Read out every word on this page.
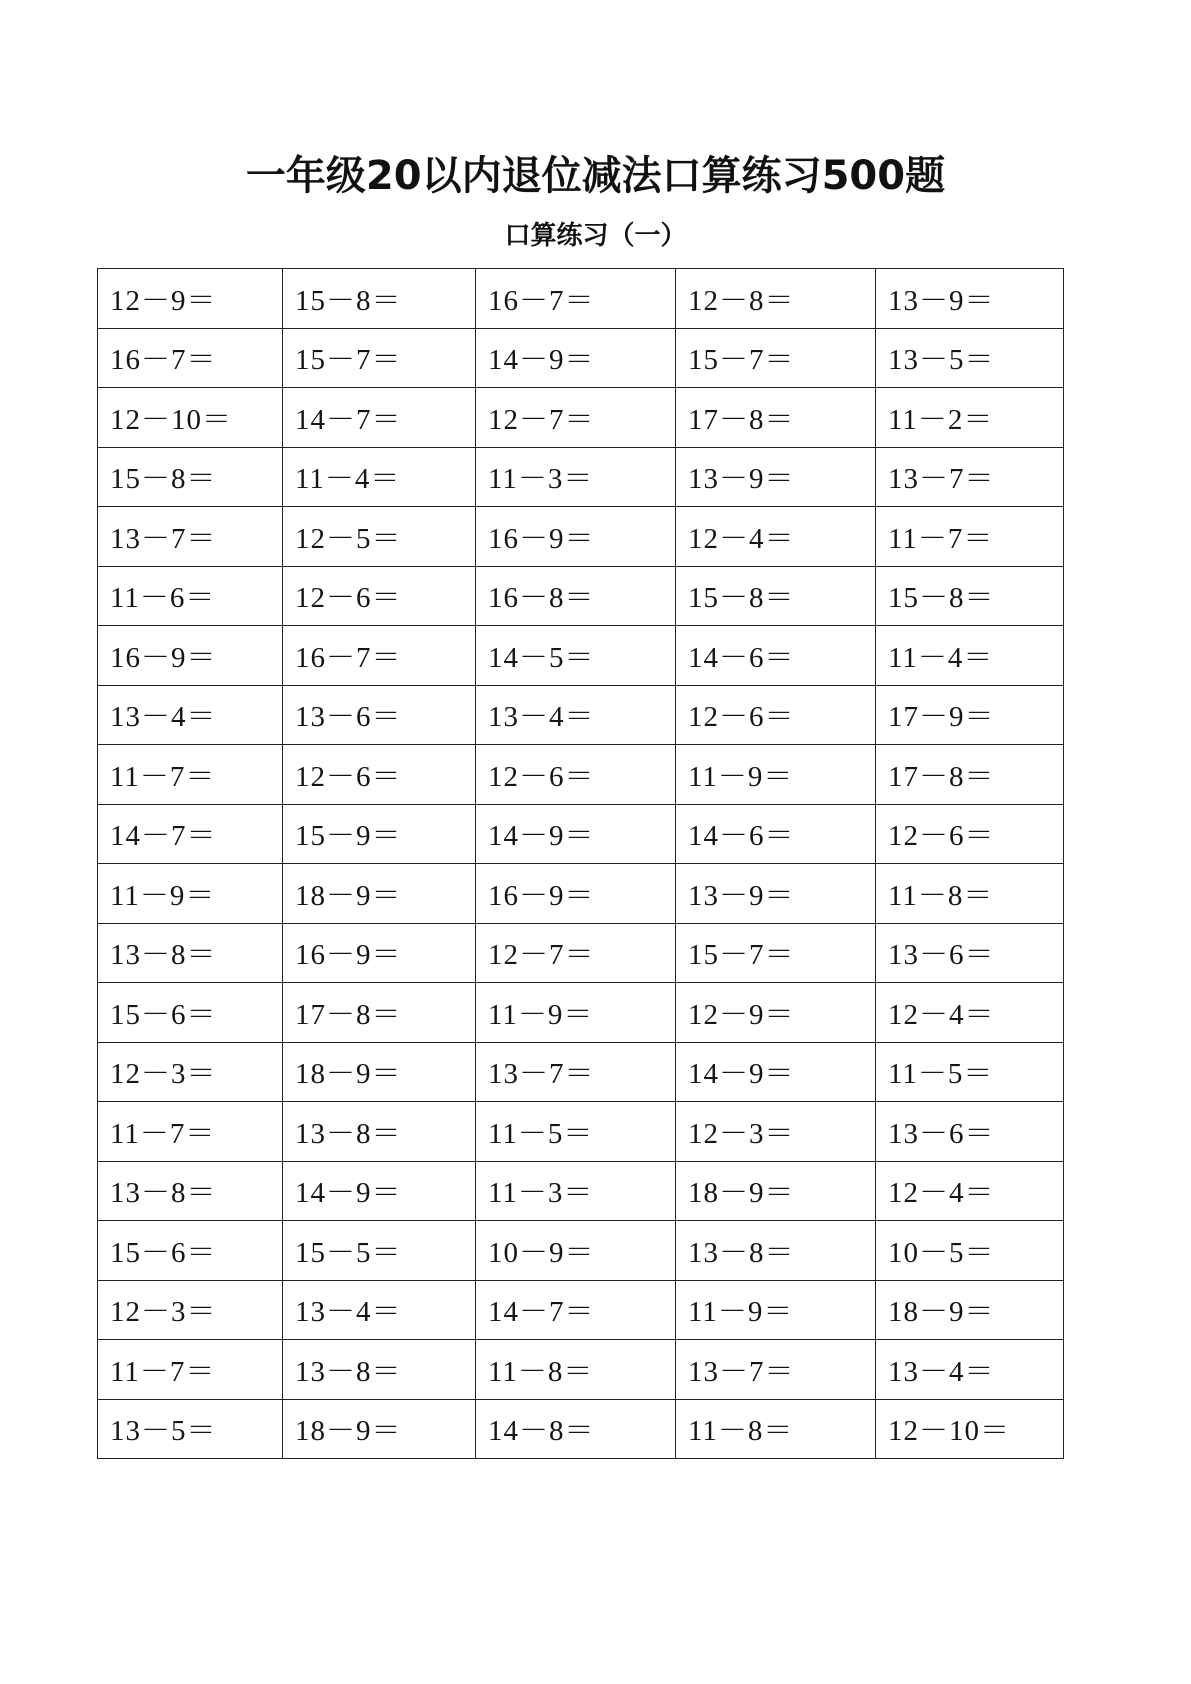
一年级20以内退位减法口算练习500题
口算练习（一）
12－9＝	15－8＝	16－7＝	12－8＝	13－9＝
16－7＝	15－7＝	14－9＝	15－7＝	13－5＝
12－10＝	14－7＝	12－7＝	17－8＝	11－2＝
15－8＝	11－4＝	11－3＝	13－9＝	13－7＝
13－7＝	12－5＝	16－9＝	12－4＝	11－7＝
11－6＝	12－6＝	16－8＝	15－8＝	15－8＝
16－9＝	16－7＝	14－5＝	14－6＝	11－4＝
13－4＝	13－6＝	13－4＝	12－6＝	17－9＝
11－7＝	12－6＝	12－6＝	11－9＝	17－8＝
14－7＝	15－9＝	14－9＝	14－6＝	12－6＝
11－9＝	18－9＝	16－9＝	13－9＝	11－8＝
13－8＝	16－9＝	12－7＝	15－7＝	13－6＝
15－6＝	17－8＝	11－9＝	12－9＝	12－4＝
12－3＝	18－9＝	13－7＝	14－9＝	11－5＝
11－7＝	13－8＝	11－5＝	12－3＝	13－6＝
13－8＝	14－9＝	11－3＝	18－9＝	12－4＝
15－6＝	15－5＝	10－9＝	13－8＝	10－5＝
12－3＝	13－4＝	14－7＝	11－9＝	18－9＝
11－7＝	13－8＝	11－8＝	13－7＝	13－4＝
13－5＝	18－9＝	14－8＝	11－8＝	12－10＝
